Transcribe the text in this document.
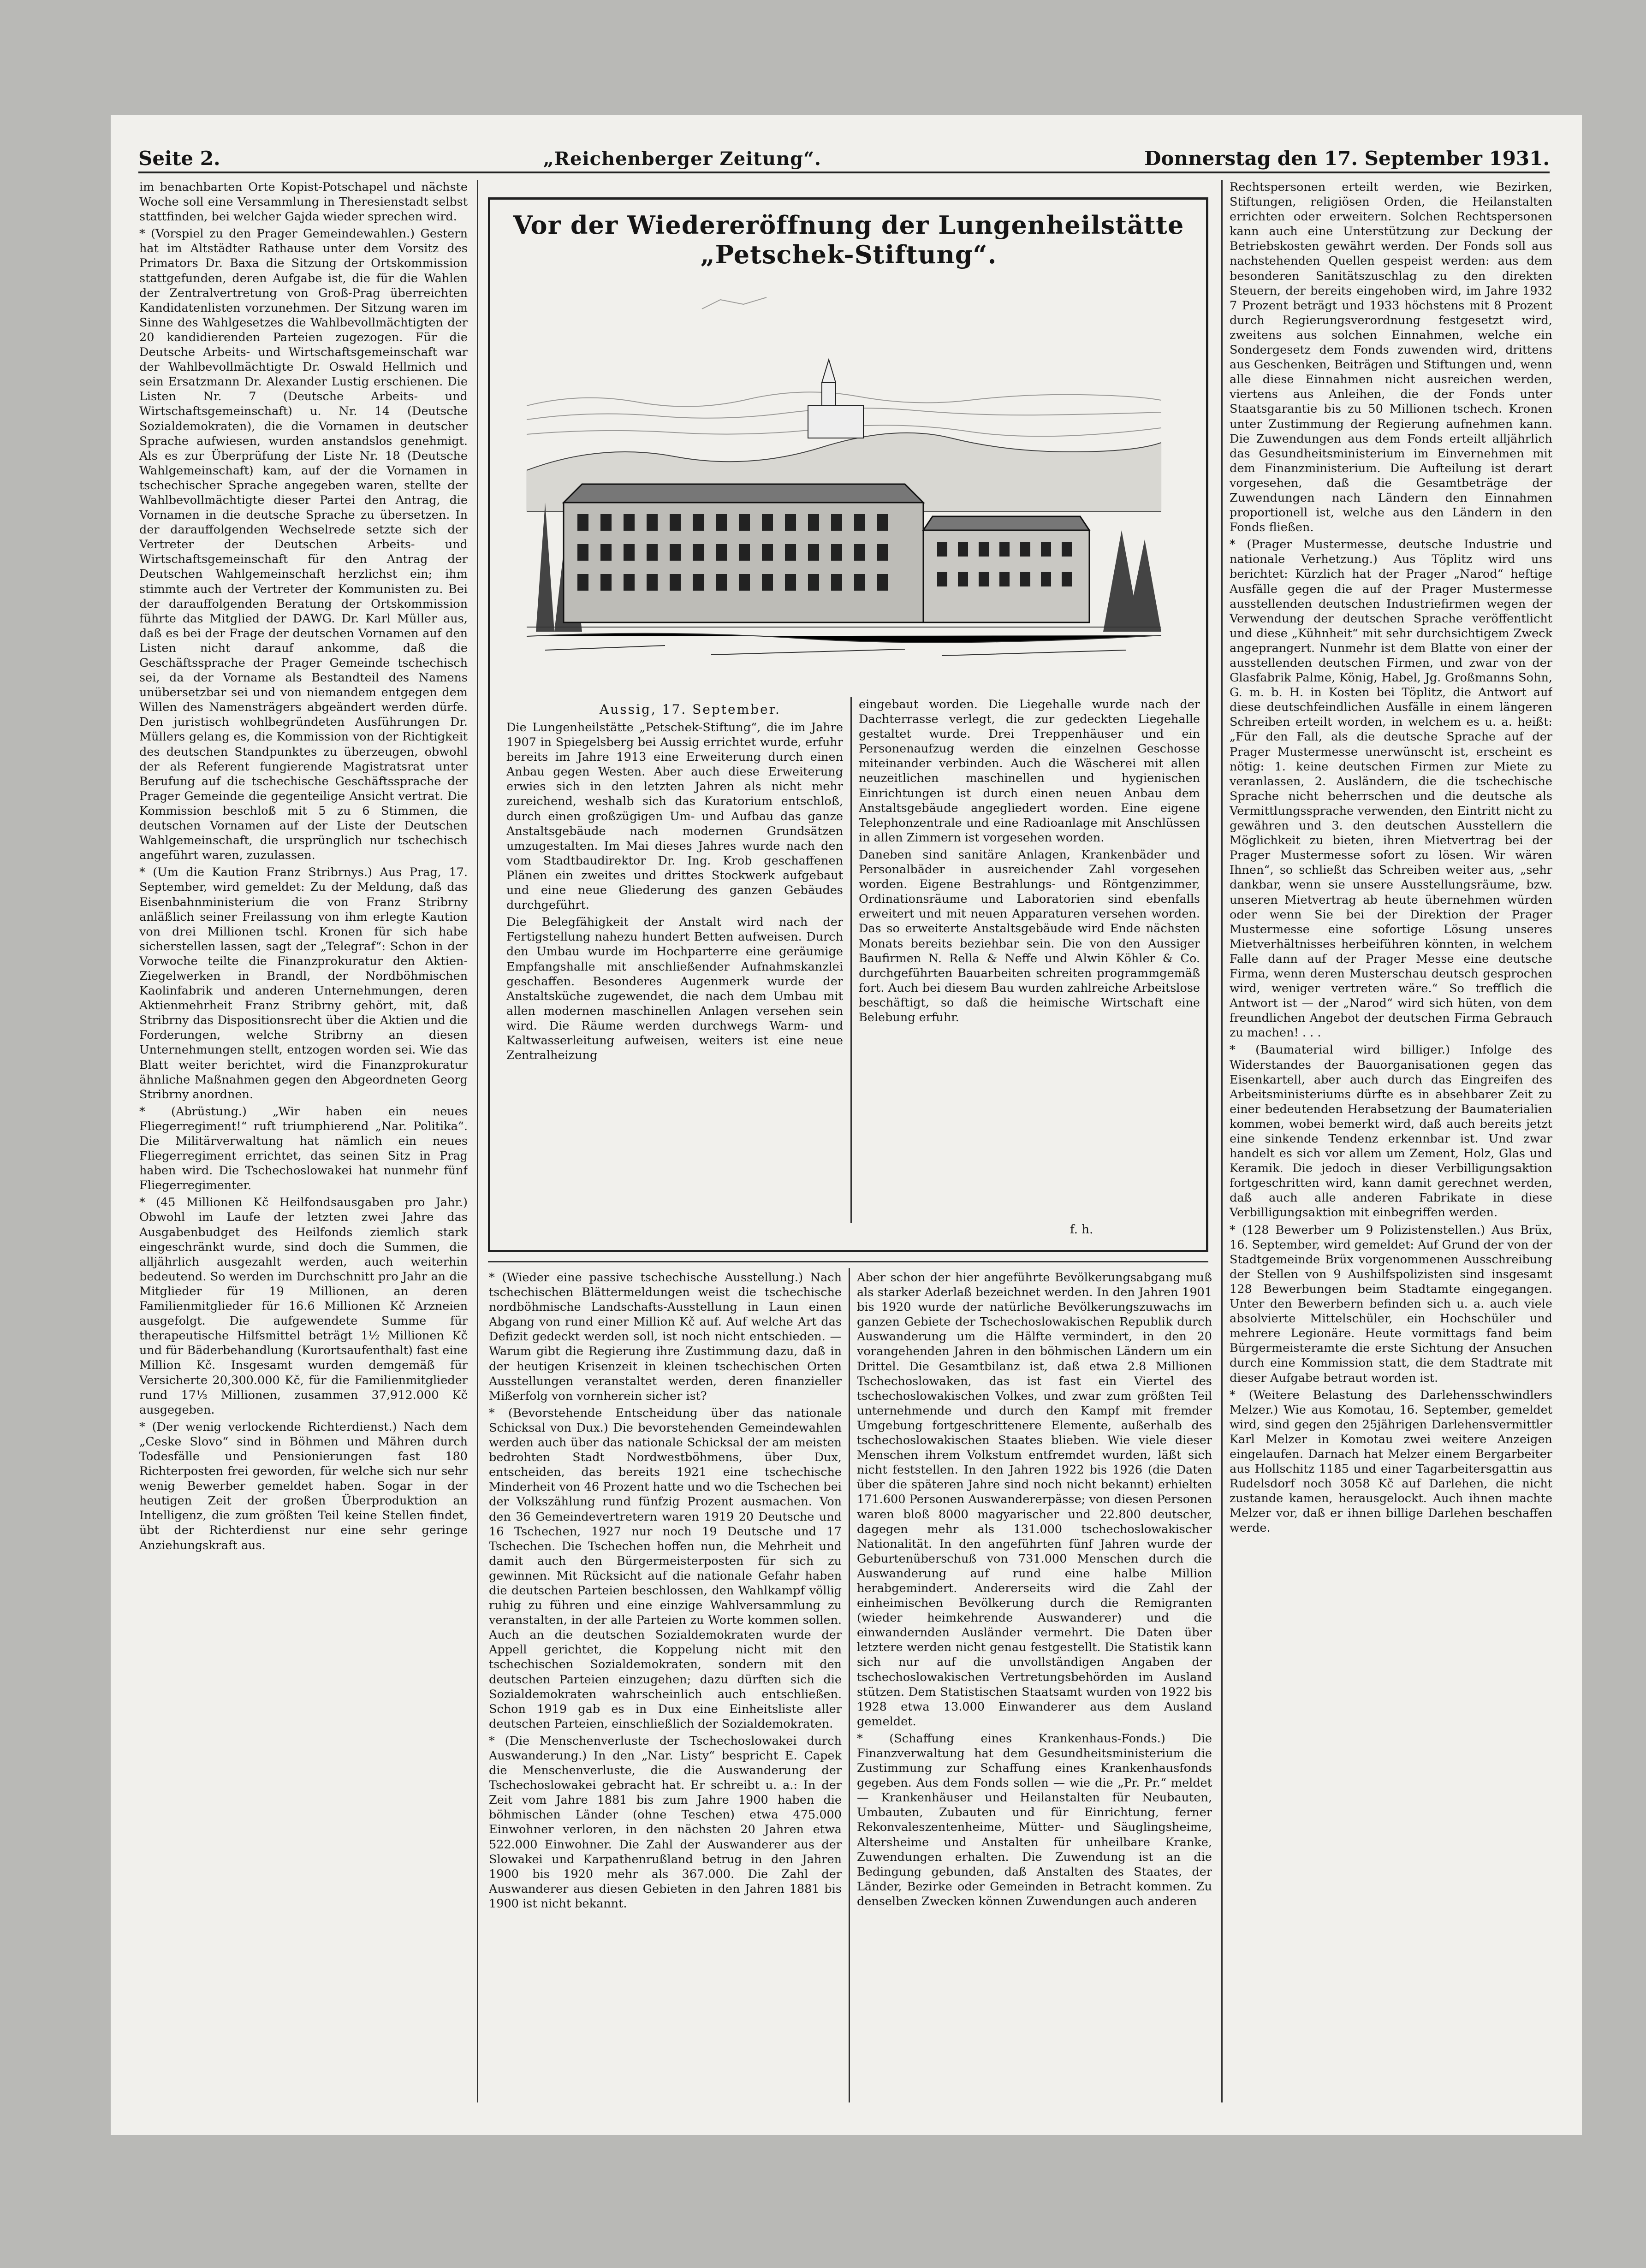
Seite 2.	„Reichenberger Zeitung“.	Donnerstag den 17. September 1931.

im benachbarten Orte Kopist-Potschapel und nächste Woche soll eine Versammlung in Theresienstadt selbst stattfinden, bei welcher Gajda wieder sprechen wird.

* (Vorspiel zu den Prager Gemeindewahlen.) Gestern hat im Altstädter Rathause unter dem Vorsitz des Primators Dr. Baxa die Sitzung der Ortskommission stattgefunden, deren Aufgabe ist, die für die Wahlen der Zentralvertretung von Groß-Prag überreichten Kandidatenlisten vorzunehmen. Der Sitzung waren im Sinne des Wahlgesetzes die Wahlbevollmächtigten der 20 kandidierenden Parteien zugezogen. Für die Deutsche Arbeits- und Wirtschaftsgemeinschaft war der Wahlbevollmächtigte Dr. Oswald Hellmich und sein Ersatzmann Dr. Alexander Lustig erschienen. Die Listen Nr. 7 (Deutsche Arbeits- und Wirtschaftsgemeinschaft) u. Nr. 14 (Deutsche Sozialdemokraten), die die Vornamen in deutscher Sprache aufwiesen, wurden anstandslos genehmigt. Als es zur Überprüfung der Liste Nr. 18 (Deutsche Wahlgemeinschaft) kam, auf der die Vornamen in tschechischer Sprache angegeben waren, stellte der Wahlbevollmächtigte dieser Partei den Antrag, die Vornamen in die deutsche Sprache zu übersetzen. In der darauffolgenden Wechselrede setzte sich der Vertreter der Deutschen Arbeits- und Wirtschaftsgemeinschaft für den Antrag der Deutschen Wahlgemeinschaft herzlichst ein; ihm stimmte auch der Vertreter der Kommunisten zu. Bei der darauffolgenden Beratung der Ortskommission führte das Mitglied der DAWG. Dr. Karl Müller aus, daß es bei der Frage der deutschen Vornamen auf den Listen nicht darauf ankomme, daß die Geschäftssprache der Prager Gemeinde tschechisch sei, da der Vorname als Bestandteil des Namens unübersetzbar sei und von niemandem entgegen dem Willen des Namensträgers abgeändert werden dürfe. Den juristisch wohlbegründeten Ausführungen Dr. Müllers gelang es, die Kommission von der Richtigkeit des deutschen Standpunktes zu überzeugen, obwohl der als Referent fungierende Magistratsrat unter Berufung auf die tschechische Geschäftssprache der Prager Gemeinde die gegenteilige Ansicht vertrat. Die Kommission beschloß mit 5 zu 6 Stimmen, die deutschen Vornamen auf der Liste der Deutschen Wahlgemeinschaft, die ursprünglich nur tschechisch angeführt waren, zuzulassen.

* (Um die Kaution Franz Stribrnys.) Aus Prag, 17. September, wird gemeldet: Zu der Meldung, daß das Eisenbahnministerium die von Franz Stribrny anläßlich seiner Freilassung von ihm erlegte Kaution von drei Millionen tschl. Kronen für sich habe sicherstellen lassen, sagt der „Telegraf“: Schon in der Vorwoche teilte die Finanzprokuratur den Aktien-Ziegelwerken in Brandl, der Nordböhmischen Kaolinfabrik und anderen Unternehmungen, deren Aktienmehrheit Franz Stribrny gehört, mit, daß Stribrny das Dispositionsrecht über die Aktien und die Forderungen, welche Stribrny an diesen Unternehmungen stellt, entzogen worden sei. Wie das Blatt weiter berichtet, wird die Finanzprokuratur ähnliche Maßnahmen gegen den Abgeordneten Georg Stribrny anordnen.

* (Abrüstung.) „Wir haben ein neues Fliegerregiment!“ ruft triumphierend „Nar. Politika“. Die Militärverwaltung hat nämlich ein neues Fliegerregiment errichtet, das seinen Sitz in Prag haben wird. Die Tschechoslowakei hat nunmehr fünf Fliegerregimenter.

* (45 Millionen Kč Heilfondsausgaben pro Jahr.) Obwohl im Laufe der letzten zwei Jahre das Ausgabenbudget des Heilfonds ziemlich stark eingeschränkt wurde, sind doch die Summen, die alljährlich ausgezahlt werden, auch weiterhin bedeutend. So werden im Durchschnitt pro Jahr an die Mitglieder für 19 Millionen, an deren Familienmitglieder für 16.6 Millionen Kč Arzneien ausgefolgt. Die aufgewendete Summe für therapeutische Hilfsmittel beträgt 1½ Millionen Kč und für Bäderbehandlung (Kurortsaufenthalt) fast eine Million Kč. Insgesamt wurden demgemäß für Versicherte 20,300.000 Kč, für die Familienmitglieder rund 17⅓ Millionen, zusammen 37,912.000 Kč ausgegeben.

* (Der wenig verlockende Richterdienst.) Nach dem „Ceske Slovo“ sind in Böhmen und Mähren durch Todesfälle und Pensionierungen fast 180 Richterposten frei geworden, für welche sich nur sehr wenig Bewerber gemeldet haben. Sogar in der heutigen Zeit der großen Überproduktion an Intelligenz, die zum größten Teil keine Stellen findet, übt der Richterdienst nur eine sehr geringe Anziehungskraft aus.

Vor der Wiedereröffnung der Lungenheilstätte „Petschek-Stiftung“.
Aussig, 17. September.

Die Lungenheilstätte „Petschek-Stiftung“, die im Jahre 1907 in Spiegelsberg bei Aussig errichtet wurde, erfuhr bereits im Jahre 1913 eine Erweiterung durch einen Anbau gegen Westen. Aber auch diese Erweiterung erwies sich in den letzten Jahren als nicht mehr zureichend, weshalb sich das Kuratorium entschloß, durch einen großzügigen Um- und Aufbau das ganze Anstaltsgebäude nach modernen Grundsätzen umzugestalten. Im Mai dieses Jahres wurde nach den vom Stadtbaudirektor Dr. Ing. Krob geschaffenen Plänen ein zweites und drittes Stockwerk aufgebaut und eine neue Gliederung des ganzen Gebäudes durchgeführt.

Die Belegfähigkeit der Anstalt wird nach der Fertigstellung nahezu hundert Betten aufweisen. Durch den Umbau wurde im Hochparterre eine geräumige Empfangshalle mit anschließender Aufnahmskanzlei geschaffen. Besonderes Augenmerk wurde der Anstaltsküche zugewendet, die nach dem Umbau mit allen modernen maschinellen Anlagen versehen sein wird. Die Räume werden durchwegs Warm- und Kaltwasserleitung aufweisen, weiters ist eine neue Zentralheizung

eingebaut worden. Die Liegehalle wurde nach der Dachterrasse verlegt, die zur gedeckten Liegehalle gestaltet wurde. Drei Treppenhäuser und ein Personenaufzug werden die einzelnen Geschosse miteinander verbinden. Auch die Wäscherei mit allen neuzeitlichen maschinellen und hygienischen Einrichtungen ist durch einen neuen Anbau dem Anstaltsgebäude angegliedert worden. Eine eigene Telephonzentrale und eine Radioanlage mit Anschlüssen in allen Zimmern ist vorgesehen worden.

Daneben sind sanitäre Anlagen, Krankenbäder und Personalbäder in ausreichender Zahl vorgesehen worden. Eigene Bestrahlungs- und Röntgenzimmer, Ordinationsräume und Laboratorien sind ebenfalls erweitert und mit neuen Apparaturen versehen worden. Das so erweiterte Anstaltsgebäude wird Ende nächsten Monats bereits beziehbar sein. Die von den Aussiger Baufirmen N. Rella & Neffe und Alwin Köhler & Co. durchgeführten Bauarbeiten schreiten programmgemäß fort. Auch bei diesem Bau wurden zahlreiche Arbeitslose beschäftigt, so daß die heimische Wirtschaft eine Belebung erfuhr.

f. h.

* (Wieder eine passive tschechische Ausstellung.) Nach tschechischen Blättermeldungen weist die tschechische nordböhmische Landschafts-Ausstellung in Laun einen Abgang von rund einer Million Kč auf. Auf welche Art das Defizit gedeckt werden soll, ist noch nicht entschieden. — Warum gibt die Regierung ihre Zustimmung dazu, daß in der heutigen Krisenzeit in kleinen tschechischen Orten Ausstellungen veranstaltet werden, deren finanzieller Mißerfolg von vornherein sicher ist?

* (Bevorstehende Entscheidung über das nationale Schicksal von Dux.) Die bevorstehenden Gemeindewahlen werden auch über das nationale Schicksal der am meisten bedrohten Stadt Nordwestböhmens, über Dux, entscheiden, das bereits 1921 eine tschechische Minderheit von 46 Prozent hatte und wo die Tschechen bei der Volkszählung rund fünfzig Prozent ausmachen. Von den 36 Gemeindevertretern waren 1919 20 Deutsche und 16 Tschechen, 1927 nur noch 19 Deutsche und 17 Tschechen. Die Tschechen hoffen nun, die Mehrheit und damit auch den Bürgermeisterposten für sich zu gewinnen. Mit Rücksicht auf die nationale Gefahr haben die deutschen Parteien beschlossen, den Wahlkampf völlig ruhig zu führen und eine einzige Wahlversammlung zu veranstalten, in der alle Parteien zu Worte kommen sollen. Auch an die deutschen Sozialdemokraten wurde der Appell gerichtet, die Koppelung nicht mit den tschechischen Sozialdemokraten, sondern mit den deutschen Parteien einzugehen; dazu dürften sich die Sozialdemokraten wahrscheinlich auch entschließen. Schon 1919 gab es in Dux eine Einheitsliste aller deutschen Parteien, einschließlich der Sozialdemokraten.

* (Die Menschenverluste der Tschechoslowakei durch Auswanderung.) In den „Nar. Listy“ bespricht E. Capek die Menschenverluste, die die Auswanderung der Tschechoslowakei gebracht hat. Er schreibt u. a.: In der Zeit vom Jahre 1881 bis zum Jahre 1900 haben die böhmischen Länder (ohne Teschen) etwa 475.000 Einwohner verloren, in den nächsten 20 Jahren etwa 522.000 Einwohner. Die Zahl der Auswanderer aus der Slowakei und Karpathenrußland betrug in den Jahren 1900 bis 1920 mehr als 367.000. Die Zahl der Auswanderer aus diesen Gebieten in den Jahren 1881 bis 1900 ist nicht bekannt.

Aber schon der hier angeführte Bevölkerungsabgang muß als starker Aderlaß bezeichnet werden. In den Jahren 1901 bis 1920 wurde der natürliche Bevölkerungszuwachs im ganzen Gebiete der Tschechoslowakischen Republik durch Auswanderung um die Hälfte vermindert, in den 20 vorangehenden Jahren in den böhmischen Ländern um ein Drittel. Die Gesamtbilanz ist, daß etwa 2.8 Millionen Tschechoslowaken, das ist fast ein Viertel des tschechoslowakischen Volkes, und zwar zum größten Teil unternehmende und durch den Kampf mit fremder Umgebung fortgeschrittenere Elemente, außerhalb des tschechoslowakischen Staates blieben. Wie viele dieser Menschen ihrem Volkstum entfremdet wurden, läßt sich nicht feststellen. In den Jahren 1922 bis 1926 (die Daten über die späteren Jahre sind noch nicht bekannt) erhielten 171.600 Personen Auswandererpässe; von diesen Personen waren bloß 8000 magyarischer und 22.800 deutscher, dagegen mehr als 131.000 tschechoslowakischer Nationalität. In den angeführten fünf Jahren wurde der Geburtenüberschuß von 731.000 Menschen durch die Auswanderung auf rund eine halbe Million herabgemindert. Andererseits wird die Zahl der einheimischen Bevölkerung durch die Remigranten (wieder heimkehrende Auswanderer) und die einwandernden Ausländer vermehrt. Die Daten über letztere werden nicht genau festgestellt. Die Statistik kann sich nur auf die unvollständigen Angaben der tschechoslowakischen Vertretungsbehörden im Ausland stützen. Dem Statistischen Staatsamt wurden von 1922 bis 1928 etwa 13.000 Einwanderer aus dem Ausland gemeldet.

* (Schaffung eines Krankenhaus-Fonds.) Die Finanzverwaltung hat dem Gesundheitsministerium die Zustimmung zur Schaffung eines Krankenhausfonds gegeben. Aus dem Fonds sollen — wie die „Pr. Pr.“ meldet — Krankenhäuser und Heilanstalten für Neubauten, Umbauten, Zubauten und für Einrichtung, ferner Rekonvaleszentenheime, Mütter- und Säuglingsheime, Altersheime und Anstalten für unheilbare Kranke, Zuwendungen erhalten. Die Zuwendung ist an die Bedingung gebunden, daß Anstalten des Staates, der Länder, Bezirke oder Gemeinden in Betracht kommen. Zu denselben Zwecken können Zuwendungen auch anderen

Rechtspersonen erteilt werden, wie Bezirken, Stiftungen, religiösen Orden, die Heilanstalten errichten oder erweitern. Solchen Rechtspersonen kann auch eine Unterstützung zur Deckung der Betriebskosten gewährt werden. Der Fonds soll aus nachstehenden Quellen gespeist werden: aus dem besonderen Sanitätszuschlag zu den direkten Steuern, der bereits eingehoben wird, im Jahre 1932 7 Prozent beträgt und 1933 höchstens mit 8 Prozent durch Regierungsverordnung festgesetzt wird, zweitens aus solchen Einnahmen, welche ein Sondergesetz dem Fonds zuwenden wird, drittens aus Geschenken, Beiträgen und Stiftungen und, wenn alle diese Einnahmen nicht ausreichen werden, viertens aus Anleihen, die der Fonds unter Staatsgarantie bis zu 50 Millionen tschech. Kronen unter Zustimmung der Regierung aufnehmen kann. Die Zuwendungen aus dem Fonds erteilt alljährlich das Gesundheitsministerium im Einvernehmen mit dem Finanzministerium. Die Aufteilung ist derart vorgesehen, daß die Gesamtbeträge der Zuwendungen nach Ländern den Einnahmen proportionell ist, welche aus den Ländern in den Fonds fließen.

* (Prager Mustermesse, deutsche Industrie und nationale Verhetzung.) Aus Töplitz wird uns berichtet: Kürzlich hat der Prager „Narod“ heftige Ausfälle gegen die auf der Prager Mustermesse ausstellenden deutschen Industriefirmen wegen der Verwendung der deutschen Sprache veröffentlicht und diese „Kühnheit“ mit sehr durchsichtigem Zweck angeprangert. Nunmehr ist dem Blatte von einer der ausstellenden deutschen Firmen, und zwar von der Glasfabrik Palme, König, Habel, Jg. Großmanns Sohn, G. m. b. H. in Kosten bei Töplitz, die Antwort auf diese deutschfeindlichen Ausfälle in einem längeren Schreiben erteilt worden, in welchem es u. a. heißt: „Für den Fall, als die deutsche Sprache auf der Prager Mustermesse unerwünscht ist, erscheint es nötig: 1. keine deutschen Firmen zur Miete zu veranlassen, 2. Ausländern, die die tschechische Sprache nicht beherrschen und die deutsche als Vermittlungssprache verwenden, den Eintritt nicht zu gewähren und 3. den deutschen Ausstellern die Möglichkeit zu bieten, ihren Mietvertrag bei der Prager Mustermesse sofort zu lösen. Wir wären Ihnen“, so schließt das Schreiben weiter aus, „sehr dankbar, wenn sie unsere Ausstellungsräume, bzw. unseren Mietvertrag ab heute übernehmen würden oder wenn Sie bei der Direktion der Prager Mustermesse eine sofortige Lösung unseres Mietverhältnisses herbeiführen könnten, in welchem Falle dann auf der Prager Messe eine deutsche Firma, wenn deren Musterschau deutsch gesprochen wird, weniger vertreten wäre.“ So trefflich die Antwort ist — der „Narod“ wird sich hüten, von dem freundlichen Angebot der deutschen Firma Gebrauch zu machen! . . .

* (Baumaterial wird billiger.) Infolge des Widerstandes der Bauorganisationen gegen das Eisenkartell, aber auch durch das Eingreifen des Arbeitsministeriums dürfte es in absehbarer Zeit zu einer bedeutenden Herabsetzung der Baumaterialien kommen, wobei bemerkt wird, daß auch bereits jetzt eine sinkende Tendenz erkennbar ist. Und zwar handelt es sich vor allem um Zement, Holz, Glas und Keramik. Die jedoch in dieser Verbilligungsaktion fortgeschritten wird, kann damit gerechnet werden, daß auch alle anderen Fabrikate in diese Verbilligungsaktion mit einbegriffen werden.

* (128 Bewerber um 9 Polizistenstellen.) Aus Brüx, 16. September, wird gemeldet: Auf Grund der von der Stadtgemeinde Brüx vorgenommenen Ausschreibung der Stellen von 9 Aushilfspolizisten sind insgesamt 128 Bewerbungen beim Stadtamte eingegangen. Unter den Bewerbern befinden sich u. a. auch viele absolvierte Mittelschüler, ein Hochschüler und mehrere Legionäre. Heute vormittags fand beim Bürgermeisteramte die erste Sichtung der Ansuchen durch eine Kommission statt, die dem Stadtrate mit dieser Aufgabe betraut worden ist.

* (Weitere Belastung des Darlehensschwindlers Melzer.) Wie aus Komotau, 16. September, gemeldet wird, sind gegen den 25jährigen Darlehensvermittler Karl Melzer in Komotau zwei weitere Anzeigen eingelaufen. Darnach hat Melzer einem Bergarbeiter aus Hollschitz 1185 und einer Tagarbeitersgattin aus Rudelsdorf noch 3058 Kč auf Darlehen, die nicht zustande kamen, herausgelockt. Auch ihnen machte Melzer vor, daß er ihnen billige Darlehen beschaffen werde.
